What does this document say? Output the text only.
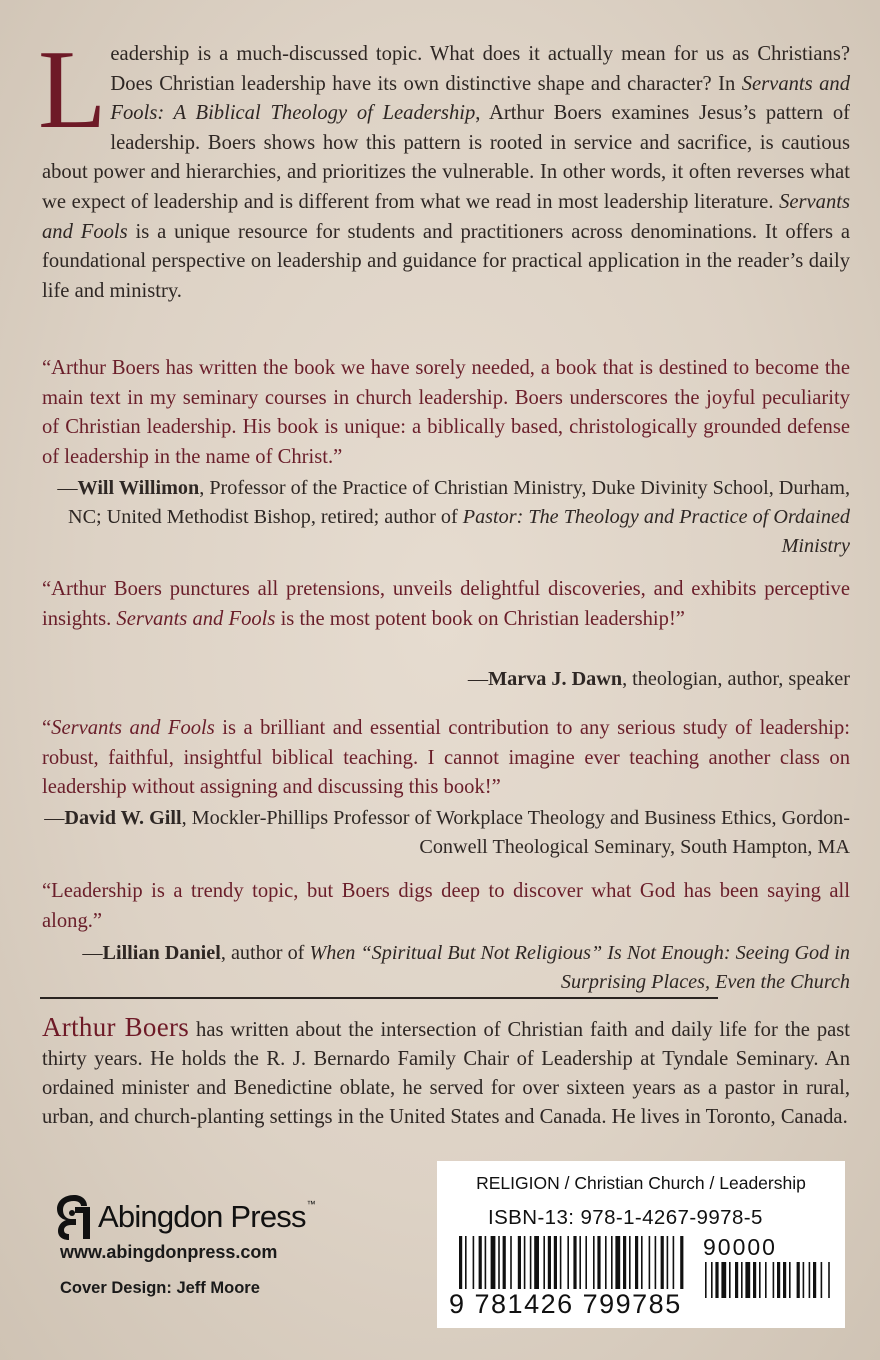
Leadership is a much-discussed topic. What does it actually mean for us as Christians? Does Christian leadership have its own distinctive shape and character? In Servants and Fools: A Biblical Theology of Leadership, Arthur Boers examines Jesus’s pattern of leadership. Boers shows how this pattern is rooted in service and sacrifice, is cautious about power and hierarchies, and prioritizes the vulnerable. In other words, it often reverses what we expect of leadership and is different from what we read in most leadership literature. Servants and Fools is a unique resource for students and practitioners across denominations. It offers a foundational perspective on leadership and guidance for practical application in the reader’s daily life and ministry.
“Arthur Boers has written the book we have sorely needed, a book that is destined to become the main text in my seminary courses in church leadership. Boers underscores the joyful peculiarity of Christian leadership. His book is unique: a biblically based, christologically grounded defense of leadership in the name of Christ.”
—Will Willimon, Professor of the Practice of Christian Ministry, Duke Divinity School, Durham, NC; United Methodist Bishop, retired; author of Pastor: The Theology and Practice of Ordained Ministry
“Arthur Boers punctures all pretensions, unveils delightful discoveries, and exhibits perceptive insights. Servants and Fools is the most potent book on Christian leadership!”
—Marva J. Dawn, theologian, author, speaker
“Servants and Fools is a brilliant and essential contribution to any serious study of leadership: robust, faithful, insightful biblical teaching. I cannot imagine ever teaching another class on leadership without assigning and discussing this book!”
—David W. Gill, Mockler-Phillips Professor of Workplace Theology and Business Ethics, Gordon-Conwell Theological Seminary, South Hampton, MA
“Leadership is a trendy topic, but Boers digs deep to discover what God has been saying all along.”
—Lillian Daniel, author of When “Spiritual But Not Religious” Is Not Enough: Seeing God in Surprising Places, Even the Church
Arthur Boers has written about the intersection of Christian faith and daily life for the past thirty years. He holds the R. J. Bernardo Family Chair of Leadership at Tyndale Seminary. An ordained minister and Benedictine oblate, he served for over sixteen years as a pastor in rural, urban, and church-planting settings in the United States and Canada. He lives in Toronto, Canada.
Abingdon Press™
www.abingdonpress.com
Cover Design: Jeff Moore
RELIGION / Christian Church / Leadership
ISBN-13: 978-1-4267-9978-5
90000
9 781426 799785
